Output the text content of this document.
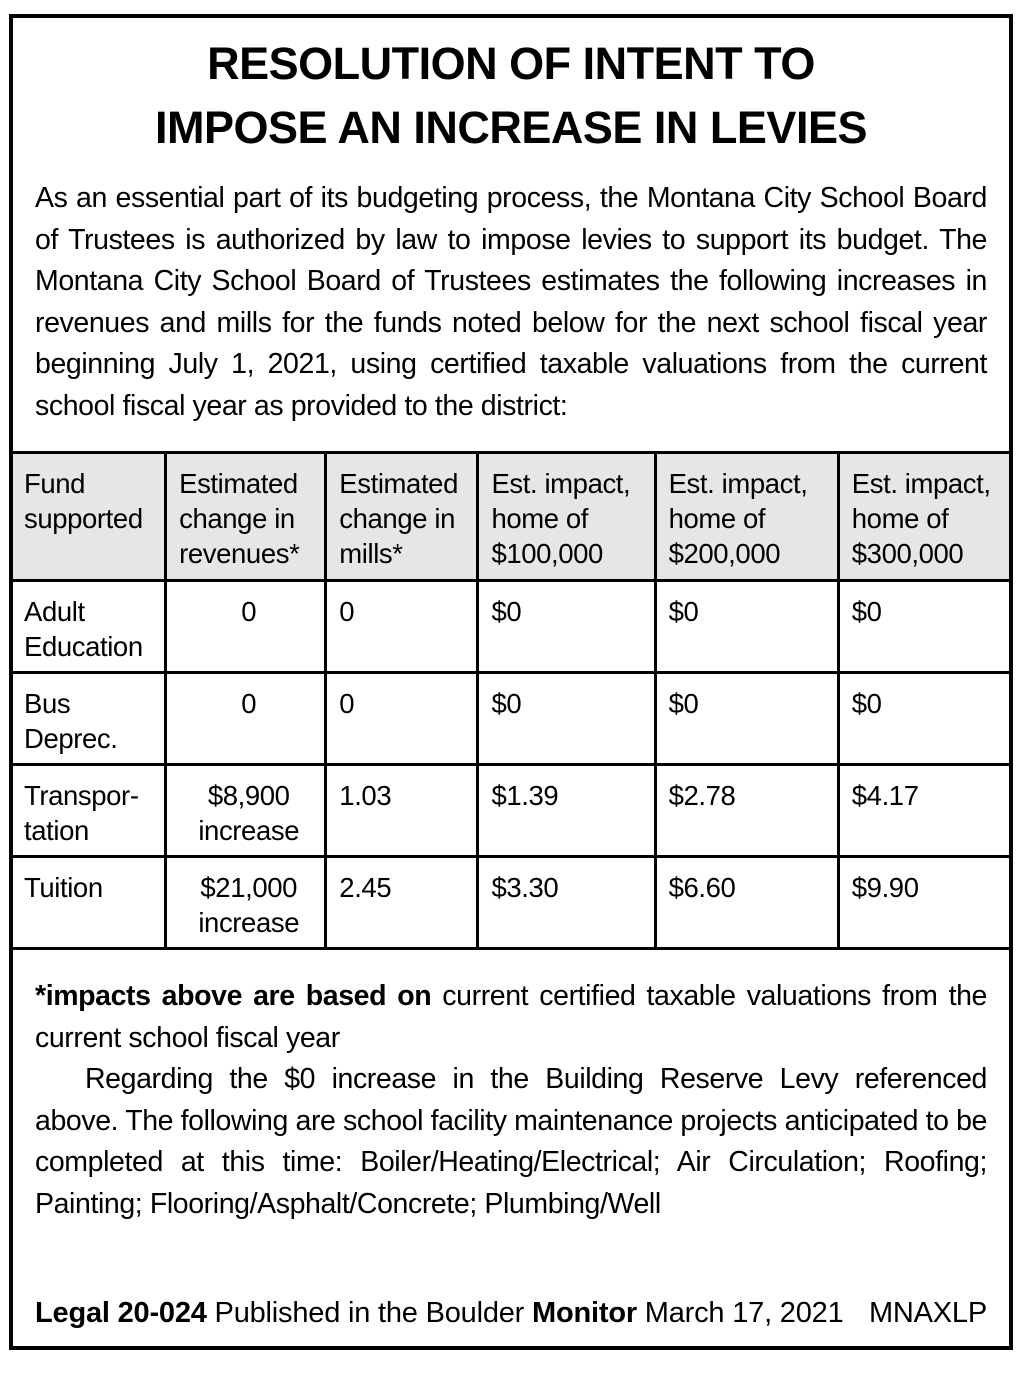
RESOLUTION OF INTENT TO
IMPOSE AN INCREASE IN LEVIES

As an essential part of its budgeting process, the Montana City School Board of Trustees is authorized by law to impose levies to support its budget. The Montana City School Board of Trustees estimates the following increases in revenues and mills for the funds noted below for the next school fiscal year beginning July 1, 2021, using certified taxable valuations from the current school fiscal year as provided to the district:

Fund supported	Estimated change in revenues*	Estimated change in mills*	Est. impact, home of $100,000	Est. impact, home of $200,000	Est. impact, home of $300,000
Adult Education	0	0	$0	$0	$0
Bus Deprec.	0	0	$0	$0	$0
Transpor-tation	$8,900 increase	1.03	$1.39	$2.78	$4.17
Tuition	$21,000 increase	2.45	$3.30	$6.60	$9.90

*impacts above are based on current certified taxable valuations from the current school fiscal year

Regarding the $0 increase in the Building Reserve Levy referenced above. The following are school facility maintenance projects anticipated to be completed at this time: Boiler/Heating/Electrical; Air Circulation; Roofing; Painting; Flooring/Asphalt/Concrete; Plumbing/Well

Legal 20-024 Published in the Boulder Monitor March 17, 2021 MNAXLP
